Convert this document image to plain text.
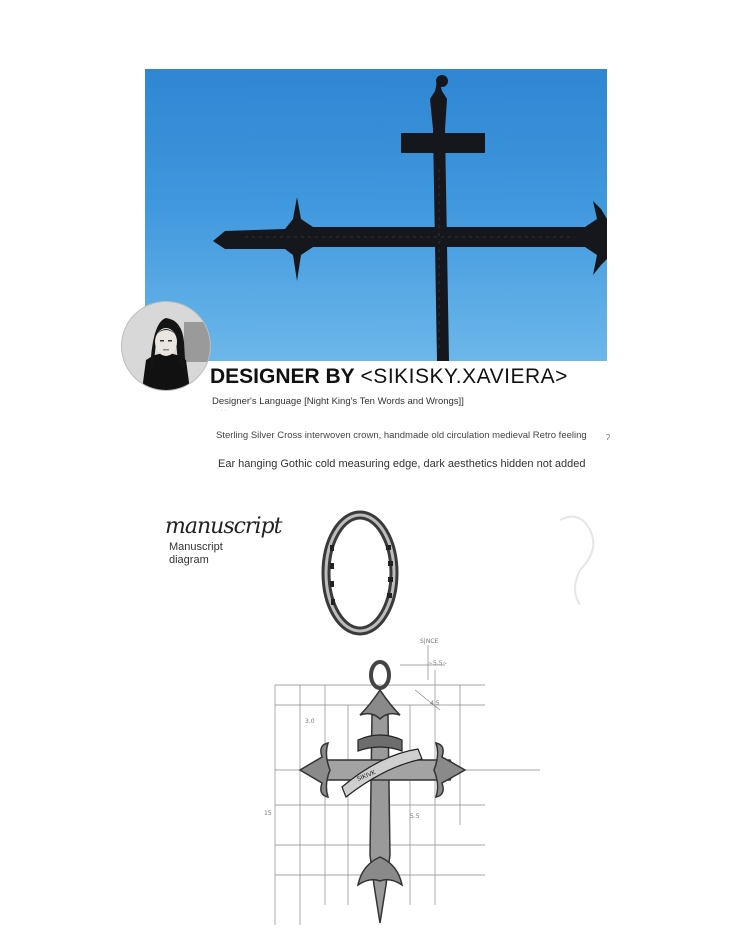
DESIGNER BY <SIKISKY.XAVIERA>
Designer's Language [Night King's Ten Words and Wrongs]]
· · ·
Sterling Silver Cross interwoven crown, handmade old circulation medieval Retro feeling ʔ
Ear hanging Gothic cold measuring edge, dark aesthetics hidden not added
manuscript
Manuscript diagram
S|NCE
~5.5~
4.5
3.0
5.5
15
SIKIVK
